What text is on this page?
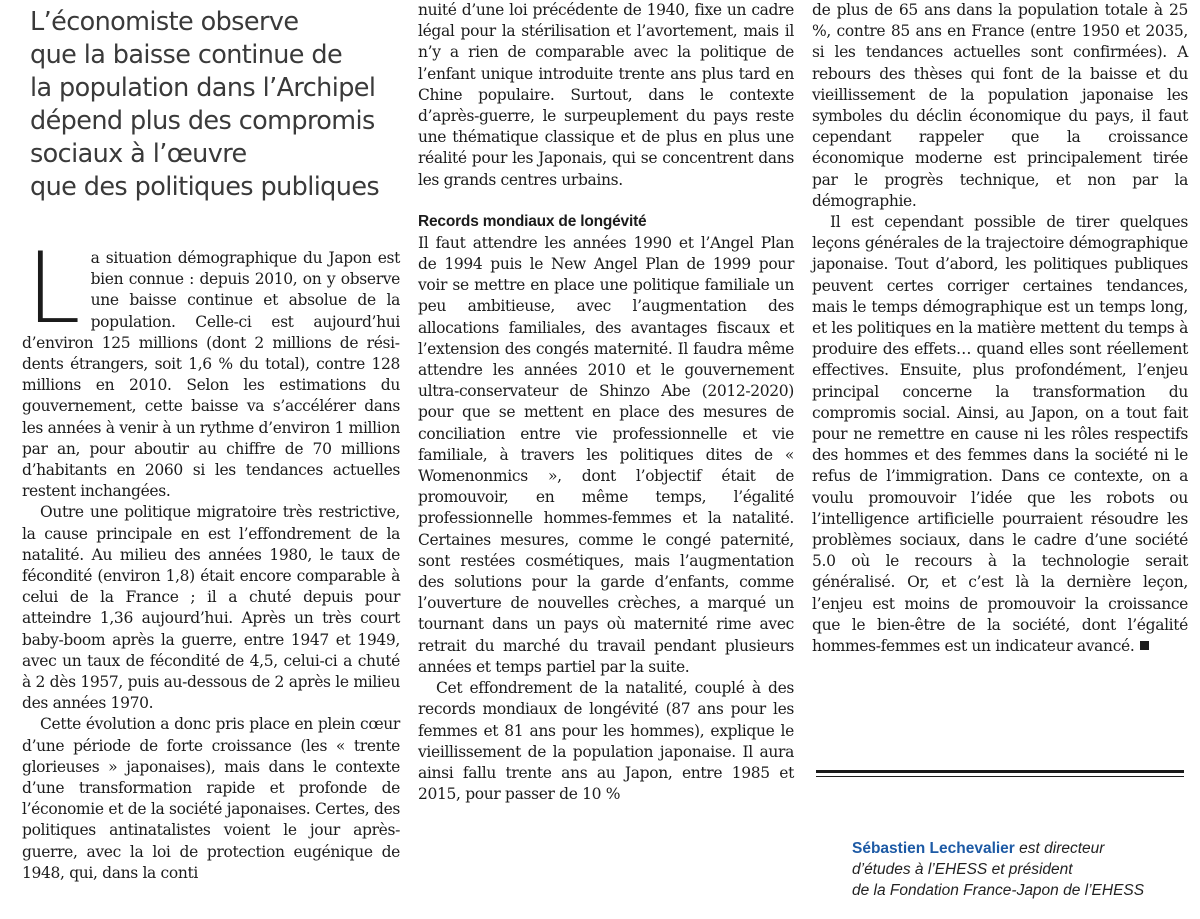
L’économiste observe
que la baisse continue de
la population dans l’Archipel
dépend plus des compromis
sociaux à l’œuvre
que des politiques publiques
L a situation démographique du Japon est bien connue : depuis 2010, on y observe une baisse continue et absolue de la population. Celle-ci est aujourd’hui d’environ 125 millions (dont 2 millions de résidents étrangers, soit 1,6 % du total), contre 128 millions en 2010. Selon les estimations du gouvernement, cette baisse va s’accélérer dans les années à venir à un rythme d’environ 1 million par an, pour aboutir au chiffre de 70 millions d’habitants en 2060 si les tendances actuelles restent inchangées.

Outre une politique migratoire très restrictive, la cause principale en est l’effondrement de la natalité. Au milieu des années 1980, le taux de fécondité (environ 1,8) était encore comparable à celui de la France ; il a chuté depuis pour atteindre 1,36 aujourd’hui. Après un très court baby-boom après la guerre, entre 1947 et 1949, avec un taux de fécondité de 4,5, celui-ci a chuté à 2 dès 1957, puis au-dessous de 2 après le milieu des années 1970.

Cette évolution a donc pris place en plein cœur d’une période de forte croissance (les « trente glorieuses » japonaises), mais dans le contexte d’une transformation rapide et profonde de l’économie et de la société japonaises. Certes, des politiques antinatalistes voient le jour après-guerre, avec la loi de protection eugénique de 1948, qui, dans la conti

nuité d’une loi précédente de 1940, fixe un cadre légal pour la stérilisation et l’avortement, mais il n’y a rien de comparable avec la politique de l’enfant unique introduite trente ans plus tard en Chine populaire. Surtout, dans le contexte d’après-guerre, le surpeuplement du pays reste une thématique classique et de plus en plus une réalité pour les Japonais, qui se concentrent dans les grands centres urbains.

Records mondiaux de longévité

Il faut attendre les années 1990 et l’Angel Plan de 1994 puis le New Angel Plan de 1999 pour voir se mettre en place une politique familiale un peu ambitieuse, avec l’augmentation des allocations familiales, des avantages fiscaux et l’extension des congés maternité. Il faudra même attendre les années 2010 et le gouvernement ultra-conservateur de Shinzo Abe (2012-2020) pour que se mettent en place des mesures de conciliation entre vie professionnelle et vie familiale, à travers les politiques dites de « Womenonmics », dont l’objectif était de promouvoir, en même temps, l’égalité professionnelle hommes-femmes et la natalité. Certaines mesures, comme le congé paternité, sont restées cosmétiques, mais l’augmentation des solutions pour la garde d’enfants, comme l’ouverture de nouvelles crèches, a marqué un tournant dans un pays où maternité rime avec retrait du marché du travail pendant plusieurs années et temps partiel par la suite.

Cet effondrement de la natalité, couplé à des records mondiaux de longévité (87 ans pour les femmes et 81 ans pour les hommes), explique le vieillissement de la population japonaise. Il aura ainsi fallu trente ans au Japon, entre 1985 et 2015, pour passer de 10 %

de plus de 65 ans dans la population totale à 25 %, contre 85 ans en France (entre 1950 et 2035, si les tendances actuelles sont confirmées). A rebours des thèses qui font de la baisse et du vieillissement de la population japonaise les symboles du déclin économique du pays, il faut cependant rappeler que la croissance économique moderne est principalement tirée par le progrès technique, et non par la démographie.

Il est cependant possible de tirer quelques leçons générales de la trajectoire démographique japonaise. Tout d’abord, les politiques publiques peuvent certes corriger certaines tendances, mais le temps démographique est un temps long, et les politiques en la matière mettent du temps à produire des effets… quand elles sont réellement effectives. Ensuite, plus profondément, l’enjeu principal concerne la transformation du compromis social. Ainsi, au Japon, on a tout fait pour ne remettre en cause ni les rôles respectifs des hommes et des femmes dans la société ni le refus de l’immigration. Dans ce contexte, on a voulu promouvoir l’idée que les robots ou l’intelligence artificielle pourraient résoudre les problèmes sociaux, dans le cadre d’une société 5.0 où le recours à la technologie serait généralisé. Or, et c’est là la dernière leçon, l’enjeu est moins de promouvoir la croissance que le bien-être de la société, dont l’égalité hommes-femmes est un indicateur avancé.

Sébastien Lechevalier est directeur
d’études à l’EHESS et président
de la Fondation France-Japon de l’EHESS
